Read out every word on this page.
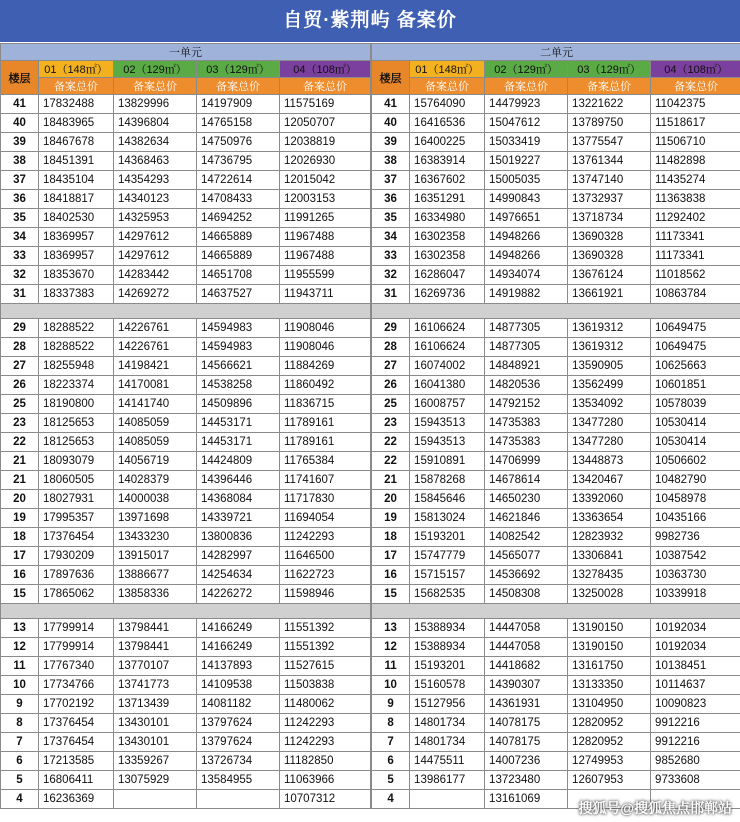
自贸·紫荆屿 备案价
一单元				
楼层	01（148㎡）	02（129㎡）	03（129㎡）	04（108㎡）
	备案总价	备案总价	备案总价	备案总价
41	17832488	13829996	14197909	11575169
40	18483965	14396804	14765158	12050707
39	18467678	14382634	14750976	12038819
38	18451391	14368463	14736795	12026930
37	18435104	14354293	14722614	12015042
36	18418817	14340123	14708433	12003153
35	18402530	14325953	14694252	11991265
34	18369957	14297612	14665889	11967488
33	18369957	14297612	14665889	11967488
32	18353670	14283442	14651708	11955599
31	18337383	14269272	14637527	11943711

29	18288522	14226761	14594983	11908046
28	18288522	14226761	14594983	11908046
27	18255948	14198421	14566621	11884269
26	18223374	14170081	14538258	11860492
25	18190800	14141740	14509896	11836715
23	18125653	14085059	14453171	11789161
22	18125653	14085059	14453171	11789161
21	18093079	14056719	14424809	11765384
21	18060505	14028379	14396446	11741607
20	18027931	14000038	14368084	11717830
19	17995357	13971698	14339721	11694054
18	17376454	13433230	13800836	11242293
17	17930209	13915017	14282997	11646500
16	17897636	13886677	14254634	11622723
15	17865062	13858336	14226272	11598946

13	17799914	13798441	14166249	11551392
12	17799914	13798441	14166249	11551392
11	17767340	13770107	14137893	11527615
10	17734766	13741773	14109538	11503838
9	17702192	13713439	14081182	11480062
8	17376454	13430101	13797624	11242293
7	17376454	13430101	13797624	11242293
6	17213585	13359267	13726734	11182850
5	16806411	13075929	13584955	11063966
4	16236369			10707312
二单元				
楼层	01（148㎡）	02（129㎡）	03（129㎡）	04（108㎡）
	备案总价	备案总价	备案总价	备案总价
41	15764090	14479923	13221622	11042375
40	16416536	15047612	13789750	11518617
39	16400225	15033419	13775547	11506710
38	16383914	15019227	13761344	11482898
37	16367602	15005035	13747140	11435274
36	16351291	14990843	13732937	11363838
35	16334980	14976651	13718734	11292402
34	16302358	14948266	13690328	11173341
33	16302358	14948266	13690328	11173341
32	16286047	14934074	13676124	11018562
31	16269736	14919882	13661921	10863784

29	16106624	14877305	13619312	10649475
28	16106624	14877305	13619312	10649475
27	16074002	14848921	13590905	10625663
26	16041380	14820536	13562499	10601851
25	16008757	14792152	13534092	10578039
23	15943513	14735383	13477280	10530414
22	15943513	14735383	13477280	10530414
22	15910891	14706999	13448873	10506602
21	15878268	14678614	13420467	10482790
20	15845646	14650230	13392060	10458978
19	15813024	14621846	13363654	10435166
18	15193201	14082542	12823932	9982736
17	15747779	14565077	13306841	10387542
16	15715157	14536692	13278435	10363730
15	15682535	14508308	13250028	10339918

13	15388934	14447058	13190150	10192034
12	15388934	14447058	13190150	10192034
11	15193201	14418682	13161750	10138451
10	15160578	14390307	13133350	10114637
9	15127956	14361931	13104950	10090823
8	14801734	14078175	12820952	9912216
7	14801734	14078175	12820952	9912216
6	14475511	14007236	12749953	9852680
5	13986177	13723480	12607953	9733608
4		13161069		
搜狐号@搜狐焦点邯郸站
